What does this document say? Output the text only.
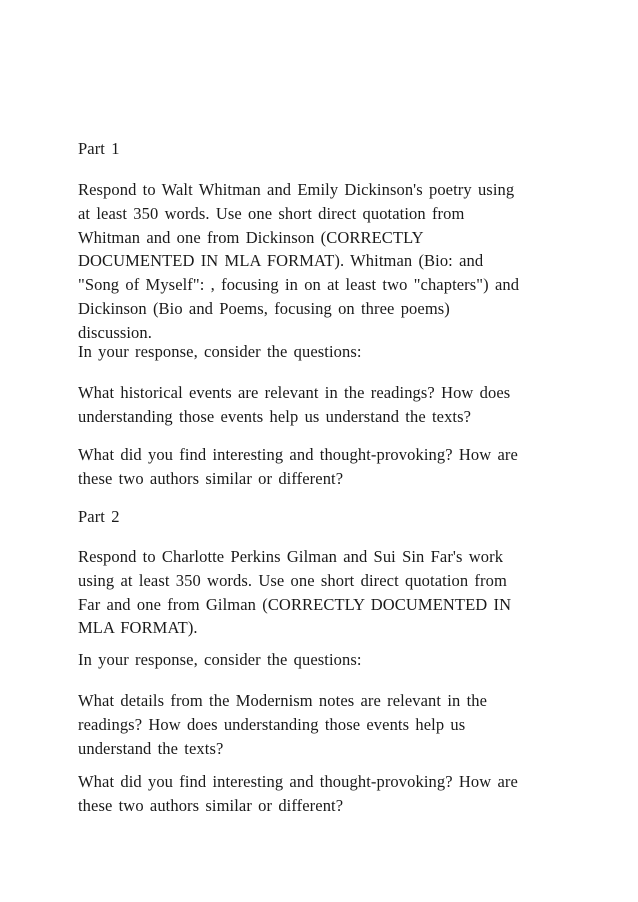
Part 1
Respond to Walt Whitman and Emily Dickinson's poetry using
at least 350 words. Use one short direct quotation from
Whitman and one from Dickinson (CORRECTLY
DOCUMENTED IN MLA FORMAT). Whitman (Bio: and
"Song of Myself": , focusing in on at least two "chapters") and
Dickinson (Bio and Poems, focusing on three poems)
discussion.
In your response, consider the questions:
What historical events are relevant in the readings? How does
understanding those events help us understand the texts?
What did you find interesting and thought-provoking? How are
these two authors similar or different?
Part 2
Respond to Charlotte Perkins Gilman and Sui Sin Far's work
using at least 350 words. Use one short direct quotation from
Far and one from Gilman (CORRECTLY DOCUMENTED IN
MLA FORMAT).
In your response, consider the questions:
What details from the Modernism notes are relevant in the
readings? How does understanding those events help us
understand the texts?
What did you find interesting and thought-provoking? How are
these two authors similar or different?
